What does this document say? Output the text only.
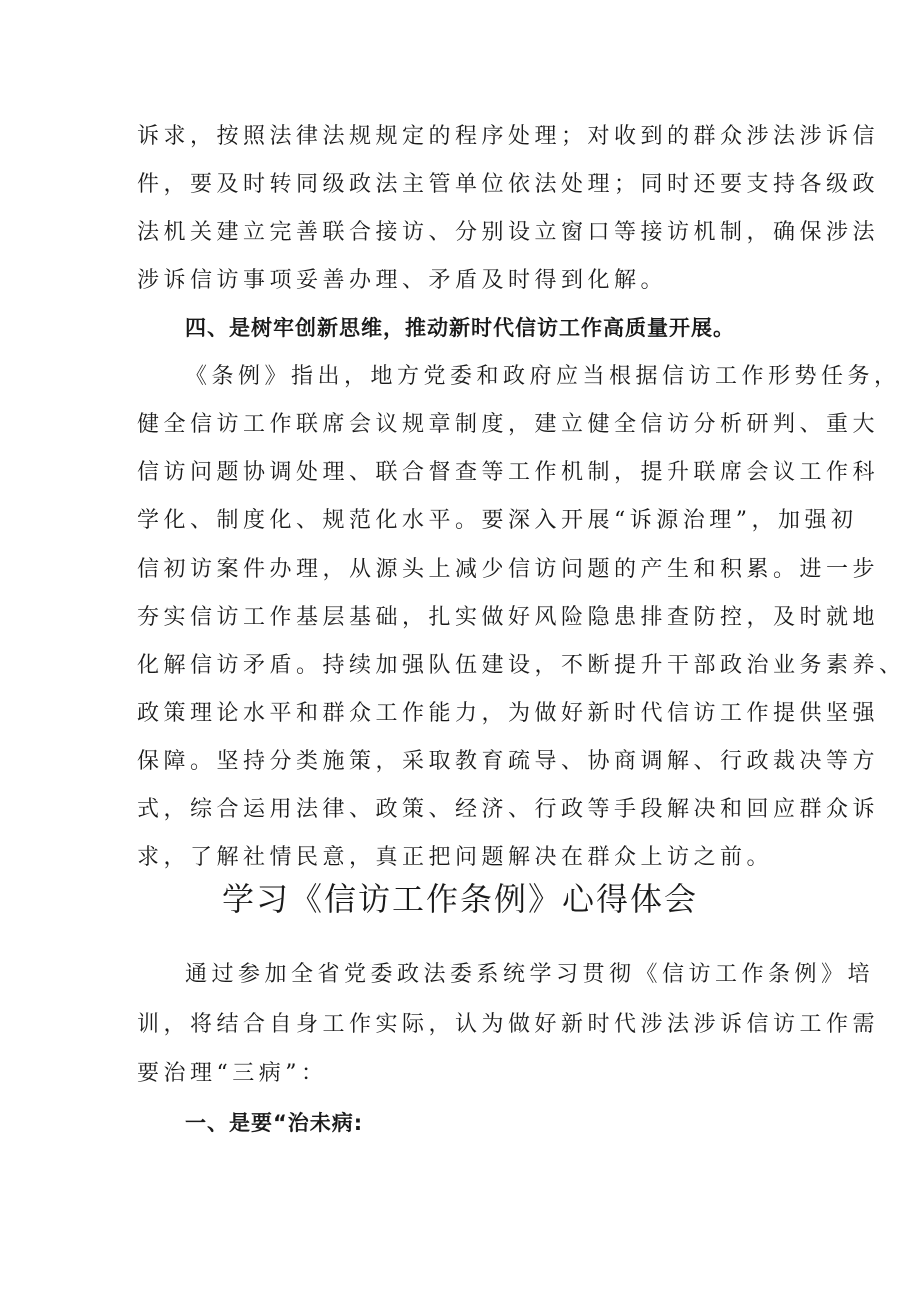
诉求，按照法律法规规定的程序处理；对收到的群众涉法涉诉信
件，要及时转同级政法主管单位依法处理；同时还要支持各级政
法机关建立完善联合接访、分别设立窗口等接访机制，确保涉法
涉诉信访事项妥善办理、矛盾及时得到化解。
四、是树牢创新思维，推动新时代信访工作高质量开展。
《条例》指出，地方党委和政府应当根据信访工作形势任务，
健全信访工作联席会议规章制度，建立健全信访分析研判、重大
信访问题协调处理、联合督查等工作机制，提升联席会议工作科
学化、制度化、规范化水平。要深入开展“诉源治理”，加强初
信初访案件办理，从源头上减少信访问题的产生和积累。进一步
夯实信访工作基层基础，扎实做好风险隐患排查防控，及时就地
化解信访矛盾。持续加强队伍建设，不断提升干部政治业务素养、
政策理论水平和群众工作能力，为做好新时代信访工作提供坚强
保障。坚持分类施策，采取教育疏导、协商调解、行政裁决等方
式，综合运用法律、政策、经济、行政等手段解决和回应群众诉
求，了解社情民意，真正把问题解决在群众上访之前。
学习《信访工作条例》心得体会
通过参加全省党委政法委系统学习贯彻《信访工作条例》培
训，将结合自身工作实际，认为做好新时代涉法涉诉信访工作需
要治理“三病”：
一、是要“治未病:
